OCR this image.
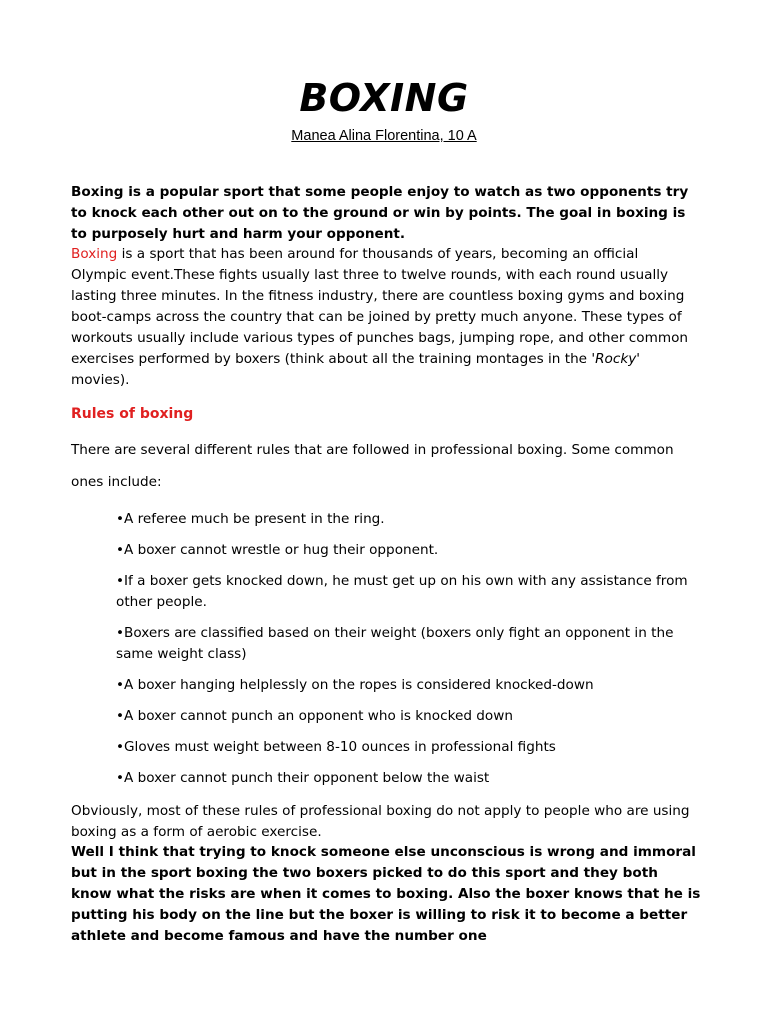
BOXING

Manea Alina Florentina, 10 A

Boxing is a popular sport that some people enjoy to watch as two opponents try to knock each other out on to the ground or win by points. The goal in boxing is to purposely hurt and harm your opponent.

Boxing is a sport that has been around for thousands of years, becoming an official Olympic event.These fights usually last three to twelve rounds, with each round usually lasting three minutes. In the fitness industry, there are countless boxing gyms and boxing boot-camps across the country that can be joined by pretty much anyone. These types of workouts usually include various types of punches bags, jumping rope, and other common exercises performed by boxers (think about all the training montages in the 'Rocky' movies).

Rules of boxing

There are several different rules that are followed in professional boxing. Some common ones include:

•A referee much be present in the ring.
•A boxer cannot wrestle or hug their opponent.
•If a boxer gets knocked down, he must get up on his own with any assistance from other people.
•Boxers are classified based on their weight (boxers only fight an opponent in the same weight class)
•A boxer hanging helplessly on the ropes is considered knocked-down
•A boxer cannot punch an opponent who is knocked down
•Gloves must weight between 8-10 ounces in professional fights
•A boxer cannot punch their opponent below the waist

Obviously, most of these rules of professional boxing do not apply to people who are using boxing as a form of aerobic exercise.

Well I think that trying to knock someone else unconscious is wrong and immoral but in the sport boxing the two boxers picked to do this sport and they both know what the risks are when it comes to boxing. Also the boxer knows that he is putting his body on the line but the boxer is willing to risk it to become a better athlete and become famous and have the number one
